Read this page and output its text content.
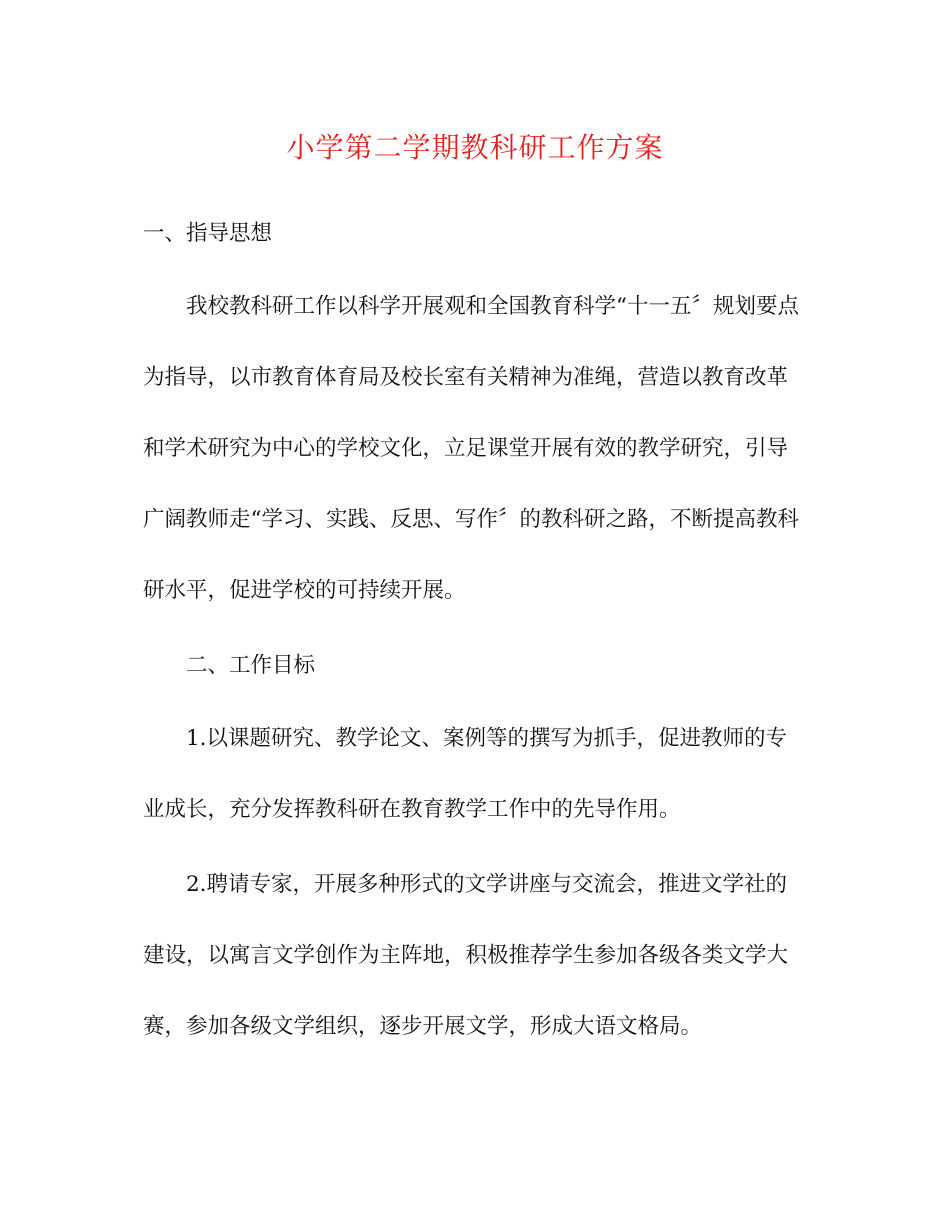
小学第二学期教科研工作方案
一、指导思想
我校教科研工作以科学开展观和全国教育科学“十一五〞规划要点
为指导，以市教育体育局及校长室有关精神为准绳，营造以教育改革
和学术研究为中心的学校文化，立足课堂开展有效的教学研究，引导
广阔教师走“学习、实践、反思、写作〞的教科研之路，不断提高教科
研水平，促进学校的可持续开展。
二、工作目标
1.以课题研究、教学论文、案例等的撰写为抓手，促进教师的专
业成长，充分发挥教科研在教育教学工作中的先导作用。
2.聘请专家，开展多种形式的文学讲座与交流会，推进文学社的
建设，以寓言文学创作为主阵地，积极推荐学生参加各级各类文学大
赛，参加各级文学组织，逐步开展文学，形成大语文格局。
